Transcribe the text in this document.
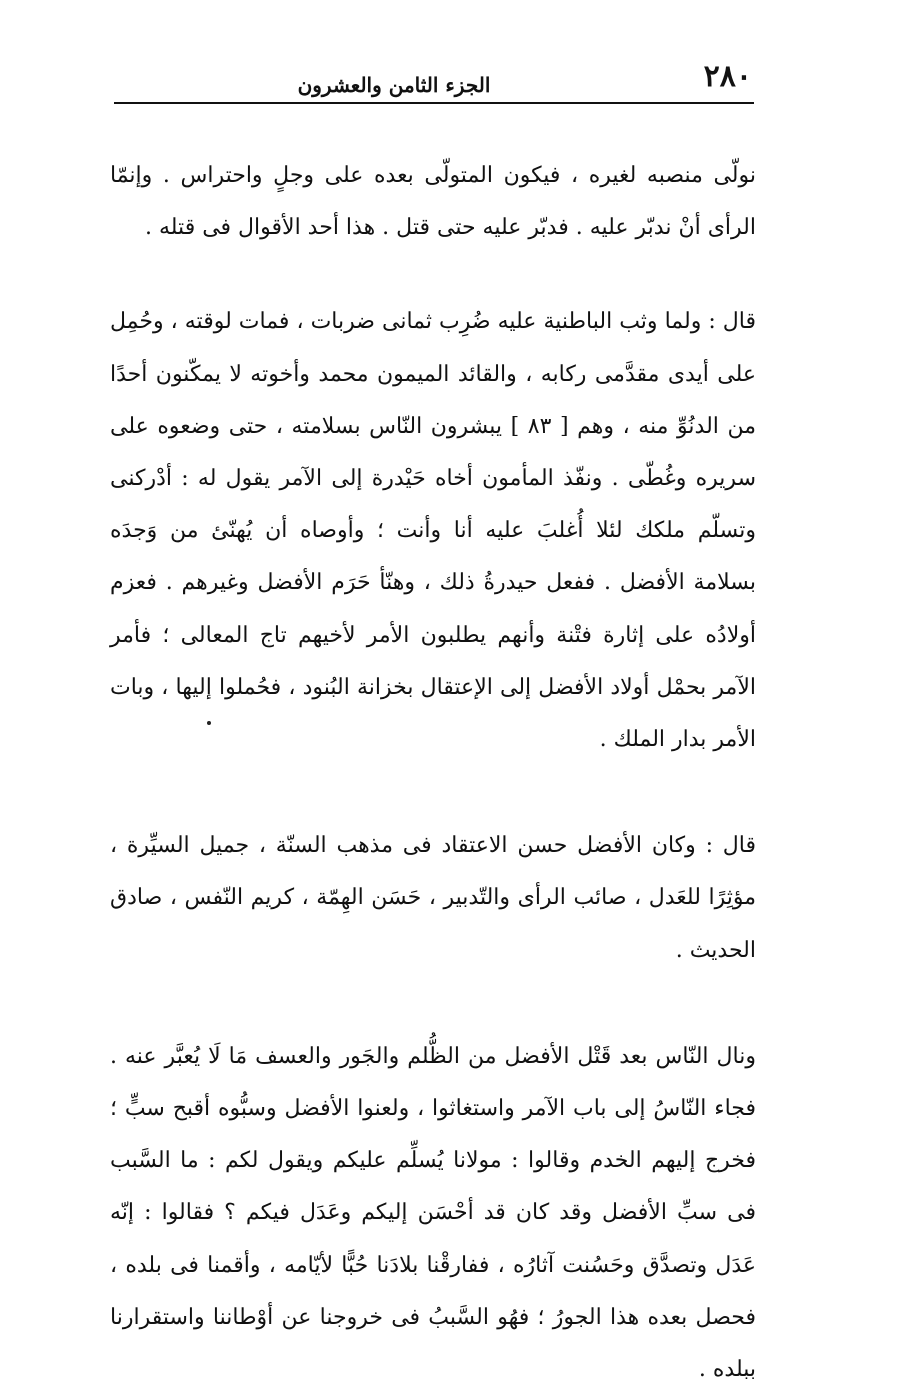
٢٨٠
الجزء الثامن والعشرون

نولّى منصبه لغيره ، فيكون المتولّى بعده على وجلٍ واحتراس . وإنمّا الرأى أنْ ندبّر عليه . فدبّر عليه حتى قتل . هذا أحد الأقوال فى قتله .

قال : ولما وثب الباطنية عليه ضُرِب ثمانى ضربات ، فمات لوقته ، وحُمِل على أيدى مقدَّمى ركابه ، والقائد الميمون محمد وأخوته لا يمكّنون أحدًا من الدنُوِّ منه ، وهم [ ٨٣ ] يبشرون النّاس بسلامته ، حتى وضعوه على سريره وغُطّى . ونفّذ المأمون أخاه حَيْدرة إلى الآمر يقول له : أدْركنى وتسلّم ملكك لئلا أُغلبَ عليه أنا وأنت ؛ وأوصاه أن يُهنّئ من وَجدَه بسلامة الأفضل . ففعل حيدرةُ ذلك ، وهنّأ حَرَم الأفضل وغيرهم . فعزم أولادُه على إثارة فتْنة وأنهم يطلبون الأمر لأخيهم تاج المعالى ؛ فأمر الآمر بحمْل أولاد الأفضل إلى الإعتقال بخزانة البُنود ، فحُملوا إليها ، وبات الأمر بدار الملك .

قال : وكان الأفضل حسن الاعتقاد فى مذهب السنّة ، جميل السيِّرة ، مؤثِرًا للعَدل ، صائب الرأى والتّدبير ، حَسَن الهِمّة ، كريم النّفس ، صادق الحديث .

ونال النّاس بعد قَتْل الأفضل من الظُّلم والجَور والعسف مَا لَا يُعبَّر عنه . فجاء النّاسُ إلى باب الآمر واستغاثوا ، ولعنوا الأفضل وسبُّوه أقبح سبٍّ ؛ فخرج إليهم الخدم وقالوا : مولانا يُسلِّم عليكم ويقول لكم : ما السَّبب فى سبِّ الأفضل وقد كان قد أحْسَن إليكم وعَدَل فيكم ؟ فقالوا : إنّه عَدَل وتصدَّق وحَسُنت آثارُه ، ففارقْنا بلادَنا حُبًّا لأيّامه ، وأقمنا فى بلده ، فحصل بعده هذا الجورُ ؛ فهُو السَّببُ فى خروجنا عن أوْطاننا واستقرارنا ببلده .
